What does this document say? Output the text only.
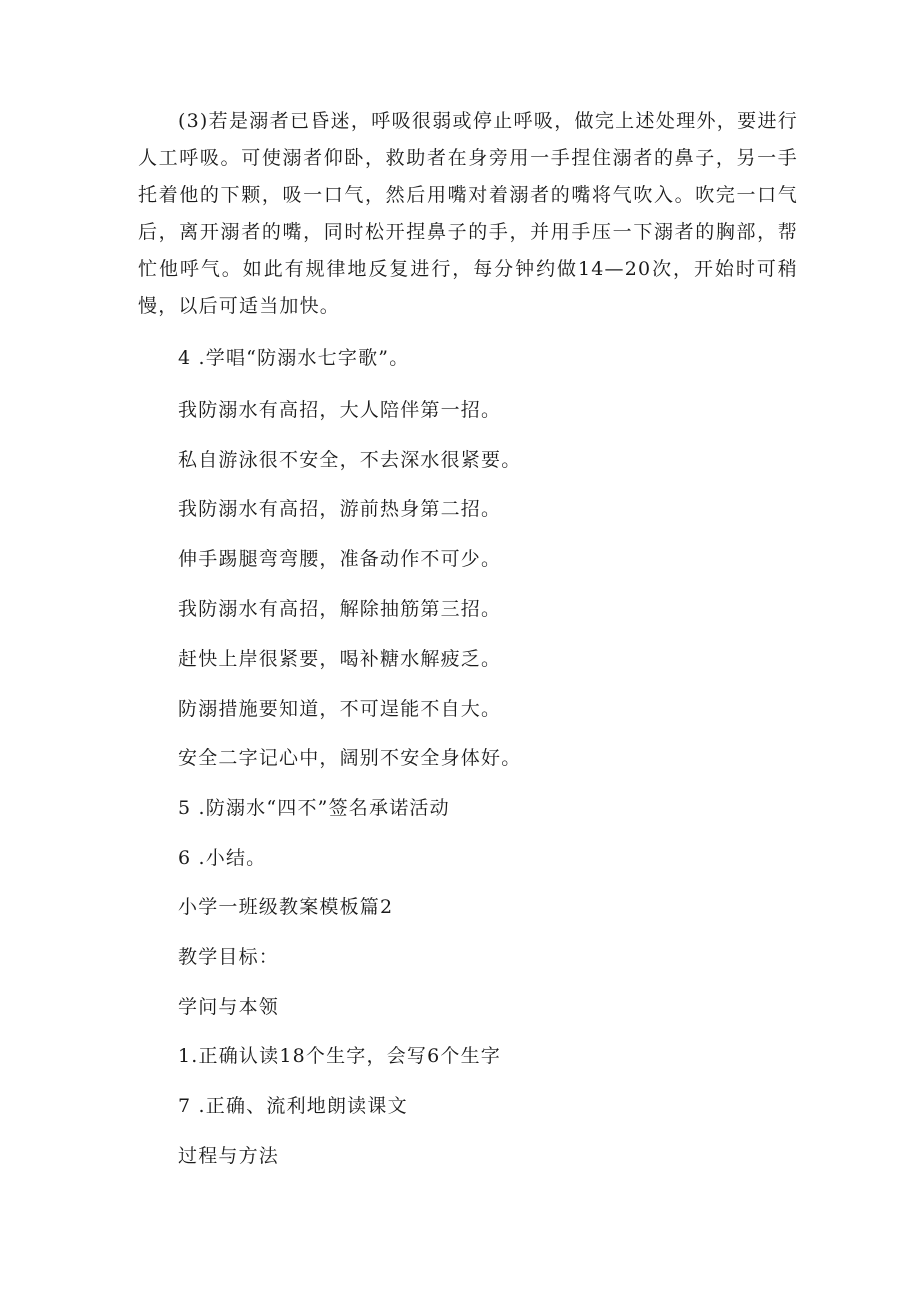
(3)若是溺者已昏迷，呼吸很弱或停止呼吸，做完上述处理外，要进行人工呼吸。可使溺者仰卧，救助者在身旁用一手捏住溺者的鼻子，另一手托着他的下颗，吸一口气，然后用嘴对着溺者的嘴将气吹入。吹完一口气后，离开溺者的嘴，同时松开捏鼻子的手，并用手压一下溺者的胸部，帮忙他呼气。如此有规律地反复进行，每分钟约做14—20次，开始时可稍慢，以后可适当加快。

4 .学唱“防溺水七字歌”。

我防溺水有高招，大人陪伴第一招。

私自游泳很不安全，不去深水很紧要。

我防溺水有高招，游前热身第二招。

伸手踢腿弯弯腰，准备动作不可少。

我防溺水有高招，解除抽筋第三招。

赶快上岸很紧要，喝补糖水解疲乏。

防溺措施要知道，不可逞能不自大。

安全二字记心中，阔别不安全身体好。

5 .防溺水“四不”签名承诺活动

6 .小结。

小学一班级教案模板篇2

教学目标：

学问与本领

1.正确认读18个生字，会写6个生字

7 .正确、流利地朗读课文

过程与方法
